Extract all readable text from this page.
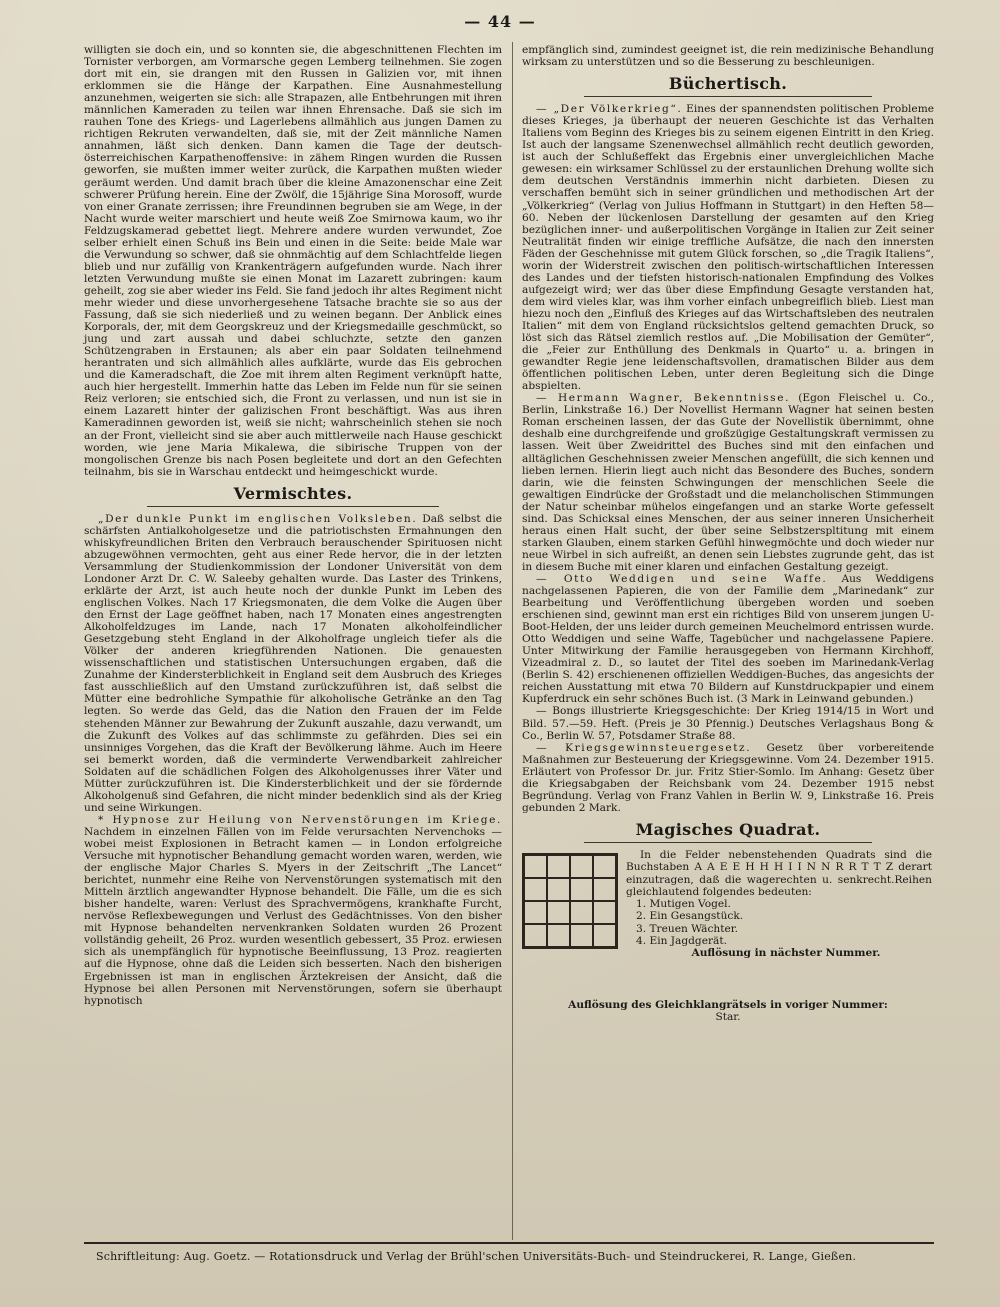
— 44 —

willigten sie doch ein, und so konnten sie, die abgeschnittenen Flechten im Tornister verborgen, am Vormarsche gegen Lemberg teilnehmen. Sie zogen dort mit ein, sie drangen mit den Russen in Galizien vor, mit ihnen erklommen sie die Hänge der Karpathen. Eine Ausnahmestellung anzunehmen, weigerten sie sich: alle Strapazen, alle Entbehrungen mit ihren männlichen Kameraden zu teilen war ihnen Ehrensache. Daß sie sich im rauhen Tone des Kriegs- und Lagerlebens allmählich aus jungen Damen zu richtigen Rekruten verwandelten, daß sie, mit der Zeit männliche Namen annahmen, läßt sich denken. Dann kamen die Tage der deutsch-österreichischen Karpathenoffensive: in zähem Ringen wurden die Russen geworfen, sie mußten immer weiter zurück, die Karpathen mußten wieder geräumt werden. Und damit brach über die kleine Amazonenschar eine Zeit schwerer Prüfung herein. Eine der Zwölf, die 15jährige Sina Morosoff, wurde von einer Granate zerrissen; ihre Freundinnen begruben sie am Wege, in der Nacht wurde weiter marschiert und heute weiß Zoe Smirnowa kaum, wo ihr Feldzugskamerad gebettet liegt. Mehrere andere wurden verwundet, Zoe selber erhielt einen Schuß ins Bein und einen in die Seite: beide Male war die Verwundung so schwer, daß sie ohnmächtig auf dem Schlachtfelde liegen blieb und nur zufällig von Krankenträgern aufgefunden wurde. Nach ihrer letzten Verwundung mußte sie einen Monat im Lazarett zubringen: kaum geheilt, zog sie aber wieder ins Feld. Sie fand jedoch ihr altes Regiment nicht mehr wieder und diese unvorhergesehene Tatsache brachte sie so aus der Fassung, daß sie sich niederließ und zu weinen begann. Der Anblick eines Korporals, der, mit dem Georgskreuz und der Kriegsmedaille geschmückt, so jung und zart aussah und dabei schluchzte, setzte den ganzen Schützengraben in Erstaunen; als aber ein paar Soldaten teilnehmend herantraten und sich allmählich alles aufklärte, wurde das Eis gebrochen und die Kameradschaft, die Zoe mit ihrem alten Regiment verknüpft hatte, auch hier hergestellt. Immerhin hatte das Leben im Felde nun für sie seinen Reiz verloren; sie entschied sich, die Front zu verlassen, und nun ist sie in einem Lazarett hinter der galizischen Front beschäftigt. Was aus ihren Kameradinnen geworden ist, weiß sie nicht; wahrscheinlich stehen sie noch an der Front, vielleicht sind sie aber auch mittlerweile nach Hause geschickt worden, wie jene Maria Mikalewa, die sibirische Truppen von der mongolischen Grenze bis nach Posen begleitete und dort an den Gefechten teilnahm, bis sie in Warschau entdeckt und heimgeschickt wurde.

Vermischtes.

„Der dunkle Punkt im englischen Volksleben. Daß selbst die schärfsten Antialkoholgesetze und die patriotischsten Ermahnungen den whiskyfreundlichen Briten den Verbrauch berauschender Spirituosen nicht abzugewöhnen vermochten, geht aus einer Rede hervor, die in der letzten Versammlung der Studienkommission der Londoner Universität von dem Londoner Arzt Dr. C. W. Saleeby gehalten wurde. Das Laster des Trinkens, erklärte der Arzt, ist auch heute noch der dunkle Punkt im Leben des englischen Volkes. Nach 17 Kriegsmonaten, die dem Volke die Augen über den Ernst der Lage geöffnet haben, nach 17 Monaten eines angestrengten Alkoholfeldzuges im Lande, nach 17 Monaten alkoholfeindlicher Gesetzgebung steht England in der Alkoholfrage ungleich tiefer als die Völker der anderen kriegführenden Nationen. Die genauesten wissenschaftlichen und statistischen Untersuchungen ergaben, daß die Zunahme der Kindersterblichkeit in England seit dem Ausbruch des Krieges fast ausschließlich auf den Umstand zurückzuführen ist, daß selbst die Mütter eine bedrohliche Sympathie für alkoholische Getränke an den Tag legten. So werde das Geld, das die Nation den Frauen der im Felde stehenden Männer zur Bewahrung der Zukunft auszahle, dazu verwandt, um die Zukunft des Volkes auf das schlimmste zu gefährden. Dies sei ein unsinniges Vorgehen, das die Kraft der Bevölkerung lähme. Auch im Heere sei bemerkt worden, daß die verminderte Verwendbarkeit zahlreicher Soldaten auf die schädlichen Folgen des Alkoholgenusses ihrer Väter und Mütter zurückzuführen ist. Die Kindersterblichkeit und der sie fördernde Alkoholgenuß sind Gefahren, die nicht minder bedenklich sind als der Krieg und seine Wirkungen.

* Hypnose zur Heilung von Nervenstörungen im Kriege. Nachdem in einzelnen Fällen von im Felde verursachten Nervenchoks — wobei meist Explosionen in Betracht kamen — in London erfolgreiche Versuche mit hypnotischer Behandlung gemacht worden waren, werden, wie der englische Major Charles S. Myers in der Zeitschrift „The Lancet“ berichtet, nunmehr eine Reihe von Nervenstörungen systematisch mit den Mitteln ärztlich angewandter Hypnose behandelt. Die Fälle, um die es sich bisher handelte, waren: Verlust des Sprachvermögens, krankhafte Furcht, nervöse Reflexbewegungen und Verlust des Gedächtnisses. Von den bisher mit Hypnose behandelten nervenkranken Soldaten wurden 26 Prozent vollständig geheilt, 26 Proz. wurden wesentlich gebessert, 35 Proz. erwiesen sich als unempfänglich für hypnotische Beeinflussung, 13 Proz. reagierten auf die Hypnose, ohne daß die Leiden sich besserten. Nach den bisherigen Ergebnissen ist man in englischen Ärztekreisen der Ansicht, daß die Hypnose bei allen Personen mit Nervenstörungen, sofern sie überhaupt hypnotisch

empfänglich sind, zumindest geeignet ist, die rein medizinische Behandlung wirksam zu unterstützen und so die Besserung zu beschleunigen.

Büchertisch.

— „Der Völkerkrieg“. Eines der spannendsten politischen Probleme dieses Krieges, ja überhaupt der neueren Geschichte ist das Verhalten Italiens vom Beginn des Krieges bis zu seinem eigenen Eintritt in den Krieg. Ist auch der langsame Szenenwechsel allmählich recht deutlich geworden, ist auch der Schlußeffekt das Ergebnis einer unvergleichlichen Mache gewesen: ein wirksamer Schlüssel zu der erstaunlichen Drehung wollte sich dem deutschen Verständnis immerhin nicht darbieten. Diesen zu verschaffen bemüht sich in seiner gründlichen und methodischen Art der „Völkerkrieg“ (Verlag von Julius Hoffmann in Stuttgart) in den Heften 58—60. Neben der lückenlosen Darstellung der gesamten auf den Krieg bezüglichen inner- und außerpolitischen Vorgänge in Italien zur Zeit seiner Neutralität finden wir einige treffliche Aufsätze, die nach den innersten Fäden der Geschehnisse mit gutem Glück forschen, so „die Tragik Italiens“, worin der Widerstreit zwischen den politisch-wirtschaftlichen Interessen des Landes und der tiefsten historisch-nationalen Empfindung des Volkes aufgezeigt wird; wer das über diese Empfindung Gesagte verstanden hat, dem wird vieles klar, was ihm vorher einfach unbegreiflich blieb. Liest man hiezu noch den „Einfluß des Krieges auf das Wirtschaftsleben des neutralen Italien“ mit dem von England rücksichtslos geltend gemachten Druck, so löst sich das Rätsel ziemlich restlos auf. „Die Mobilisation der Gemüter“, die „Feier zur Enthüllung des Denkmals in Quarto“ u. a. bringen in gewandter Regie jene leidenschaftsvollen, dramatischen Bilder aus dem öffentlichen politischen Leben, unter deren Begleitung sich die Dinge abspielten.

— Hermann Wagner, Bekenntnisse. (Egon Fleischel u. Co., Berlin, Linkstraße 16.) Der Novellist Hermann Wagner hat seinen besten Roman erscheinen lassen, der das Gute der Novellistik übernimmt, ohne deshalb eine durchgreifende und großzügige Gestaltungskraft vermissen zu lassen. Weit über Zweidrittel des Buches sind mit den einfachen und alltäglichen Geschehnissen zweier Menschen angefüllt, die sich kennen und lieben lernen. Hierin liegt auch nicht das Besondere des Buches, sondern darin, wie die feinsten Schwingungen der menschlichen Seele die gewaltigen Eindrücke der Großstadt und die melancholischen Stimmungen der Natur scheinbar mühelos eingefangen und an starke Worte gefesselt sind. Das Schicksal eines Menschen, der aus seiner inneren Unsicherheit heraus einen Halt sucht, der über seine Selbstzerspltitung mit einem starken Glauben, einem starken Gefühl hinwegmöchte und doch wieder nur neue Wirbel in sich aufreißt, an denen sein Liebstes zugrunde geht, das ist in diesem Buche mit einer klaren und einfachen Gestaltung gezeigt.

— Otto Weddigen und seine Waffe. Aus Weddigens nachgelassenen Papieren, die von der Familie dem „Marinedank“ zur Bearbeitung und Veröffentlichung übergeben worden und soeben erschienen sind, gewinnt man erst ein richtiges Bild von unserem jungen U-Boot-Helden, der uns leider durch gemeinen Meuchelmord entrissen wurde. Otto Weddigen und seine Waffe, Tagebücher und nachgelassene Papiere. Unter Mitwirkung der Familie herausgegeben von Hermann Kirchhoff, Vizeadmiral z. D., so lautet der Titel des soeben im Marinedank-Verlag (Berlin S. 42) erschienenen offiziellen Weddigen-Buches, das angesichts der reichen Ausstattung mit etwa 70 Bildern auf Kunstdruckpapier und einem Kupferdruck ein sehr schönes Buch ist. (3 Mark in Leinwand gebunden.)

— Bongs illustrierte Kriegsgeschichte: Der Krieg 1914/15 in Wort und Bild. 57.—59. Heft. (Preis je 30 Pfennig.) Deutsches Verlagshaus Bong & Co., Berlin W. 57, Potsdamer Straße 88.

— Kriegsgewinnsteuergesetz. Gesetz über vorbereitende Maßnahmen zur Besteuerung der Kriegsgewinne. Vom 24. Dezember 1915. Erläutert von Professor Dr. jur. Fritz Stier-Somlo. Im Anhang: Gesetz über die Kriegsabgaben der Reichsbank vom 24. Dezember 1915 nebst Begründung. Verlag von Franz Vahlen in Berlin W. 9, Linkstraße 16. Preis gebunden 2 Mark.

Magisches Quadrat.

In die Felder nebenstehenden Quadrats sind die Buchstaben A A E E H H H I I N N R R T T Z derart einzutragen, daß die wagerechten u. senkrecht.Reihen gleichlautend folgendes bedeuten:

1. Mutigen Vogel.
2. Ein Gesangstück.
3. Treuen Wächter.
4. Ein Jagdgerät.

Auflösung in nächster Nummer.

Auflösung des Gleichklangrätsels in voriger Nummer:

Star.

Schriftleitung: Aug. Goetz. — Rotationsdruck und Verlag der Brühl'schen Universitäts-Buch- und Steindruckerei, R. Lange, Gießen.
